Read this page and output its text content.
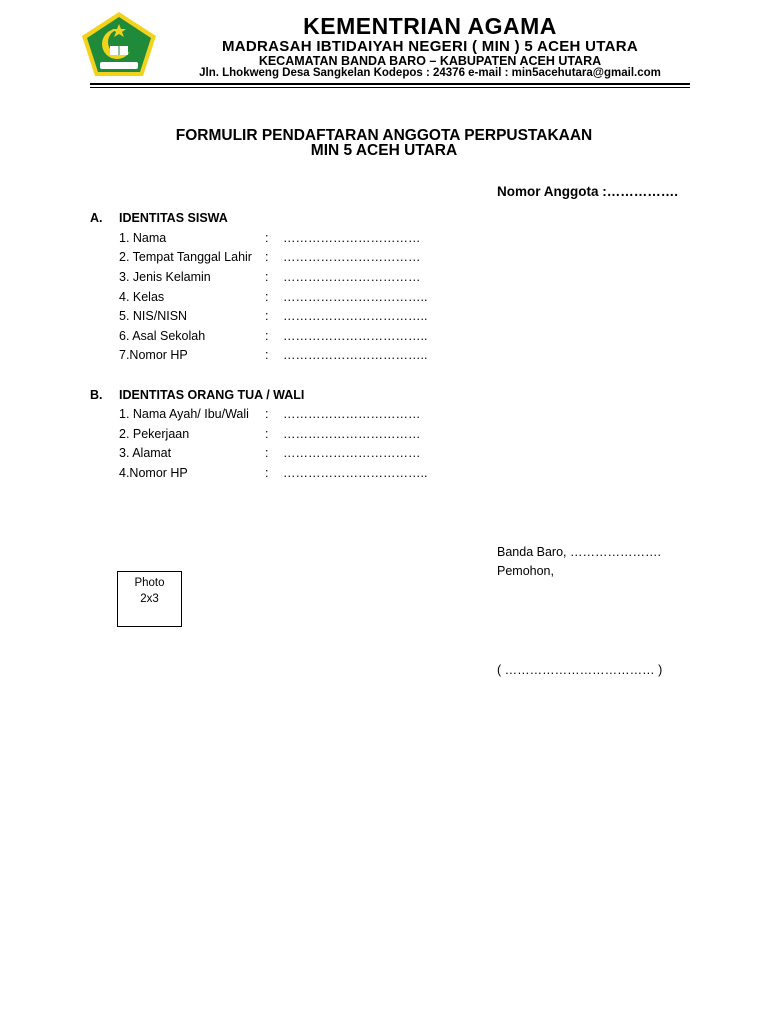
KEMENTRIAN AGAMA
MADRASAH IBTIDAIYAH NEGERI ( MIN ) 5 ACEH UTARA
KECAMATAN BANDA BARO – KABUPATEN ACEH UTARA
Jln. Lhokweng Desa Sangkelan Kodepos : 24376 e-mail : min5acehutara@gmail.com
FORMULIR PENDAFTARAN ANGGOTA PERPUSTAKAAN
MIN 5 ACEH UTARA
Nomor Anggota :…………….
A. IDENTITAS SISWA
1. Nama	: ……………………………
2. Tempat Tanggal Lahir : ……………………………
3. Jenis Kelamin	: ……………………………
4. Kelas	: ……………………………..
5. NIS/NISN	: ……………………………..
6. Asal Sekolah	: ……………………………..
7.Nomor HP	: ……………………………..
B. IDENTITAS ORANG TUA / WALI
1. Nama Ayah/ Ibu/Wali : ……………………………
2. Pekerjaan	: ……………………………
3. Alamat	: ……………………………
4.Nomor HP	: ……………………………..
Photo
2x3
Banda Baro, ………………….
Pemohon,
( ……………………………… )
